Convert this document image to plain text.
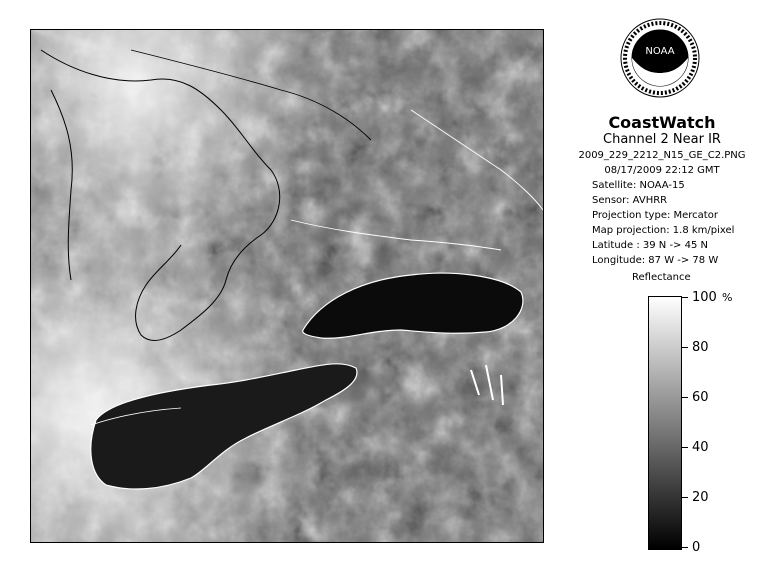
NOAA
CoastWatch
Channel 2 Near IR
2009_229_2212_N15_GE_C2.PNG
08/17/2009 22:12 GMT
Satellite: NOAA-15
Sensor: AVHRR
Projection type: Mercator
Map projection: 1.8 km/pixel
Latitude : 39 N -> 45 N
Longitude: 87 W -> 78 W
Reflectance
%
100
80
60
40
20
0
